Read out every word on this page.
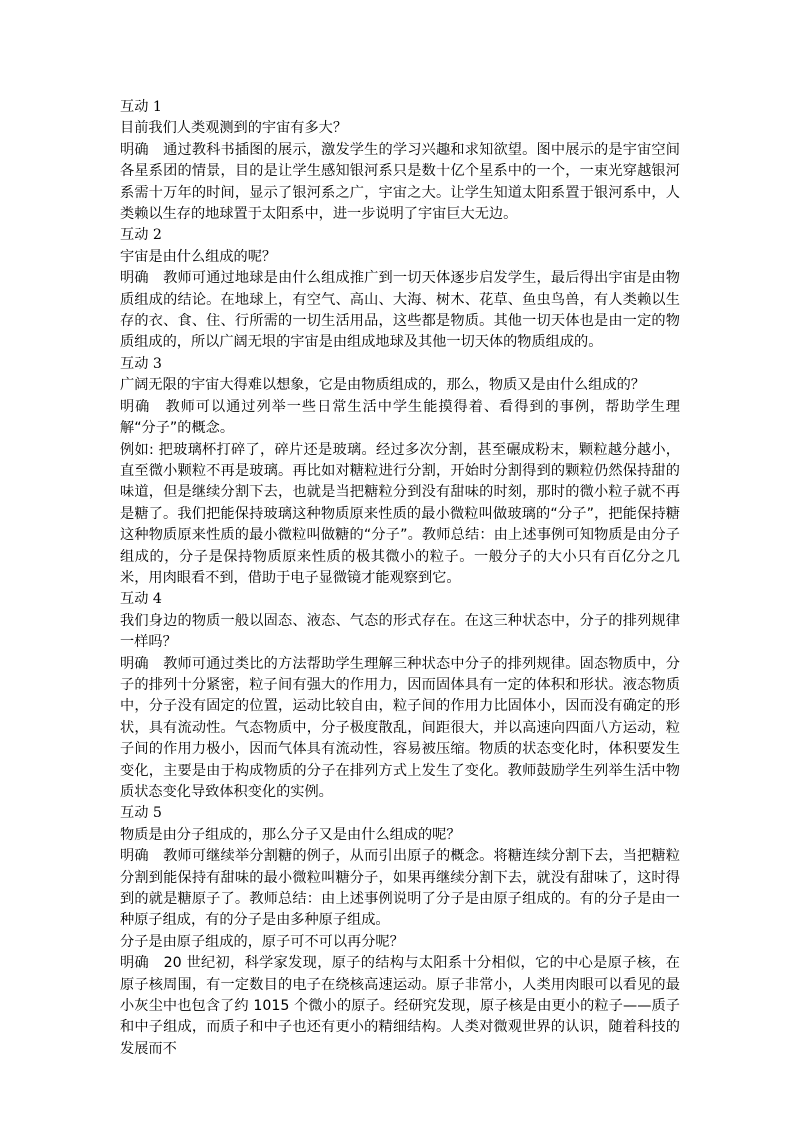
互动 1

目前我们人类观测到的宇宙有多大？

明确　通过教科书插图的展示，激发学生的学习兴趣和求知欲望。图中展示的是宇宙空间各星系团的情景，目的是让学生感知银河系只是数十亿个星系中的一个，一束光穿越银河系需十万年的时间，显示了银河系之广，宇宙之大。让学生知道太阳系置于银河系中，人类赖以生存的地球置于太阳系中，进一步说明了宇宙巨大无边。

互动 2

宇宙是由什么组成的呢？

明确　教师可通过地球是由什么组成推广到一切天体逐步启发学生，最后得出宇宙是由物质组成的结论。在地球上，有空气、高山、大海、树木、花草、鱼虫鸟兽，有人类赖以生存的衣、食、住、行所需的一切生活用品，这些都是物质。其他一切天体也是由一定的物质组成的，所以广阔无垠的宇宙是由组成地球及其他一切天体的物质组成的。

互动 3

广阔无限的宇宙大得难以想象，它是由物质组成的，那么，物质又是由什么组成的？

明确　教师可以通过列举一些日常生活中学生能摸得着、看得到的事例，帮助学生理解“分子”的概念。

例如: 把玻璃杯打碎了，碎片还是玻璃。经过多次分割，甚至碾成粉末，颗粒越分越小，直至微小颗粒不再是玻璃。再比如对糖粒进行分割，开始时分割得到的颗粒仍然保持甜的味道，但是继续分割下去，也就是当把糖粒分到没有甜味的时刻，那时的微小粒子就不再是糖了。我们把能保持玻璃这种物质原来性质的最小微粒叫做玻璃的“分子”，把能保持糖这种物质原来性质的最小微粒叫做糖的“分子”。教师总结：由上述事例可知物质是由分子组成的，分子是保持物质原来性质的极其微小的粒子。一般分子的大小只有百亿分之几米，用肉眼看不到，借助于电子显微镜才能观察到它。

互动 4

我们身边的物质一般以固态、液态、气态的形式存在。在这三种状态中，分子的排列规律一样吗？

明确　教师可通过类比的方法帮助学生理解三种状态中分子的排列规律。固态物质中，分子的排列十分紧密，粒子间有强大的作用力，因而固体具有一定的体积和形状。液态物质中，分子没有固定的位置，运动比较自由，粒子间的作用力比固体小，因而没有确定的形状，具有流动性。气态物质中，分子极度散乱，间距很大，并以高速向四面八方运动，粒子间的作用力极小，因而气体具有流动性，容易被压缩。物质的状态变化时，体积要发生变化，主要是由于构成物质的分子在排列方式上发生了变化。教师鼓励学生列举生活中物质状态变化导致体积变化的实例。

互动 5

物质是由分子组成的，那么分子又是由什么组成的呢？

明确　教师可继续举分割糖的例子，从而引出原子的概念。将糖连续分割下去，当把糖粒分割到能保持有甜味的最小微粒叫糖分子，如果再继续分割下去，就没有甜味了，这时得到的就是糖原子了。教师总结：由上述事例说明了分子是由原子组成的。有的分子是由一种原子组成，有的分子是由多种原子组成。

分子是由原子组成的，原子可不可以再分呢？

明确　20 世纪初，科学家发现，原子的结构与太阳系十分相似，它的中心是原子核，在原子核周围，有一定数目的电子在绕核高速运动。原子非常小，人类用肉眼可以看见的最小灰尘中也包含了约 1015 个微小的原子。经研究发现，原子核是由更小的粒子——质子和中子组成，而质子和中子也还有更小的精细结构。人类对微观世界的认识，随着科技的发展而不
